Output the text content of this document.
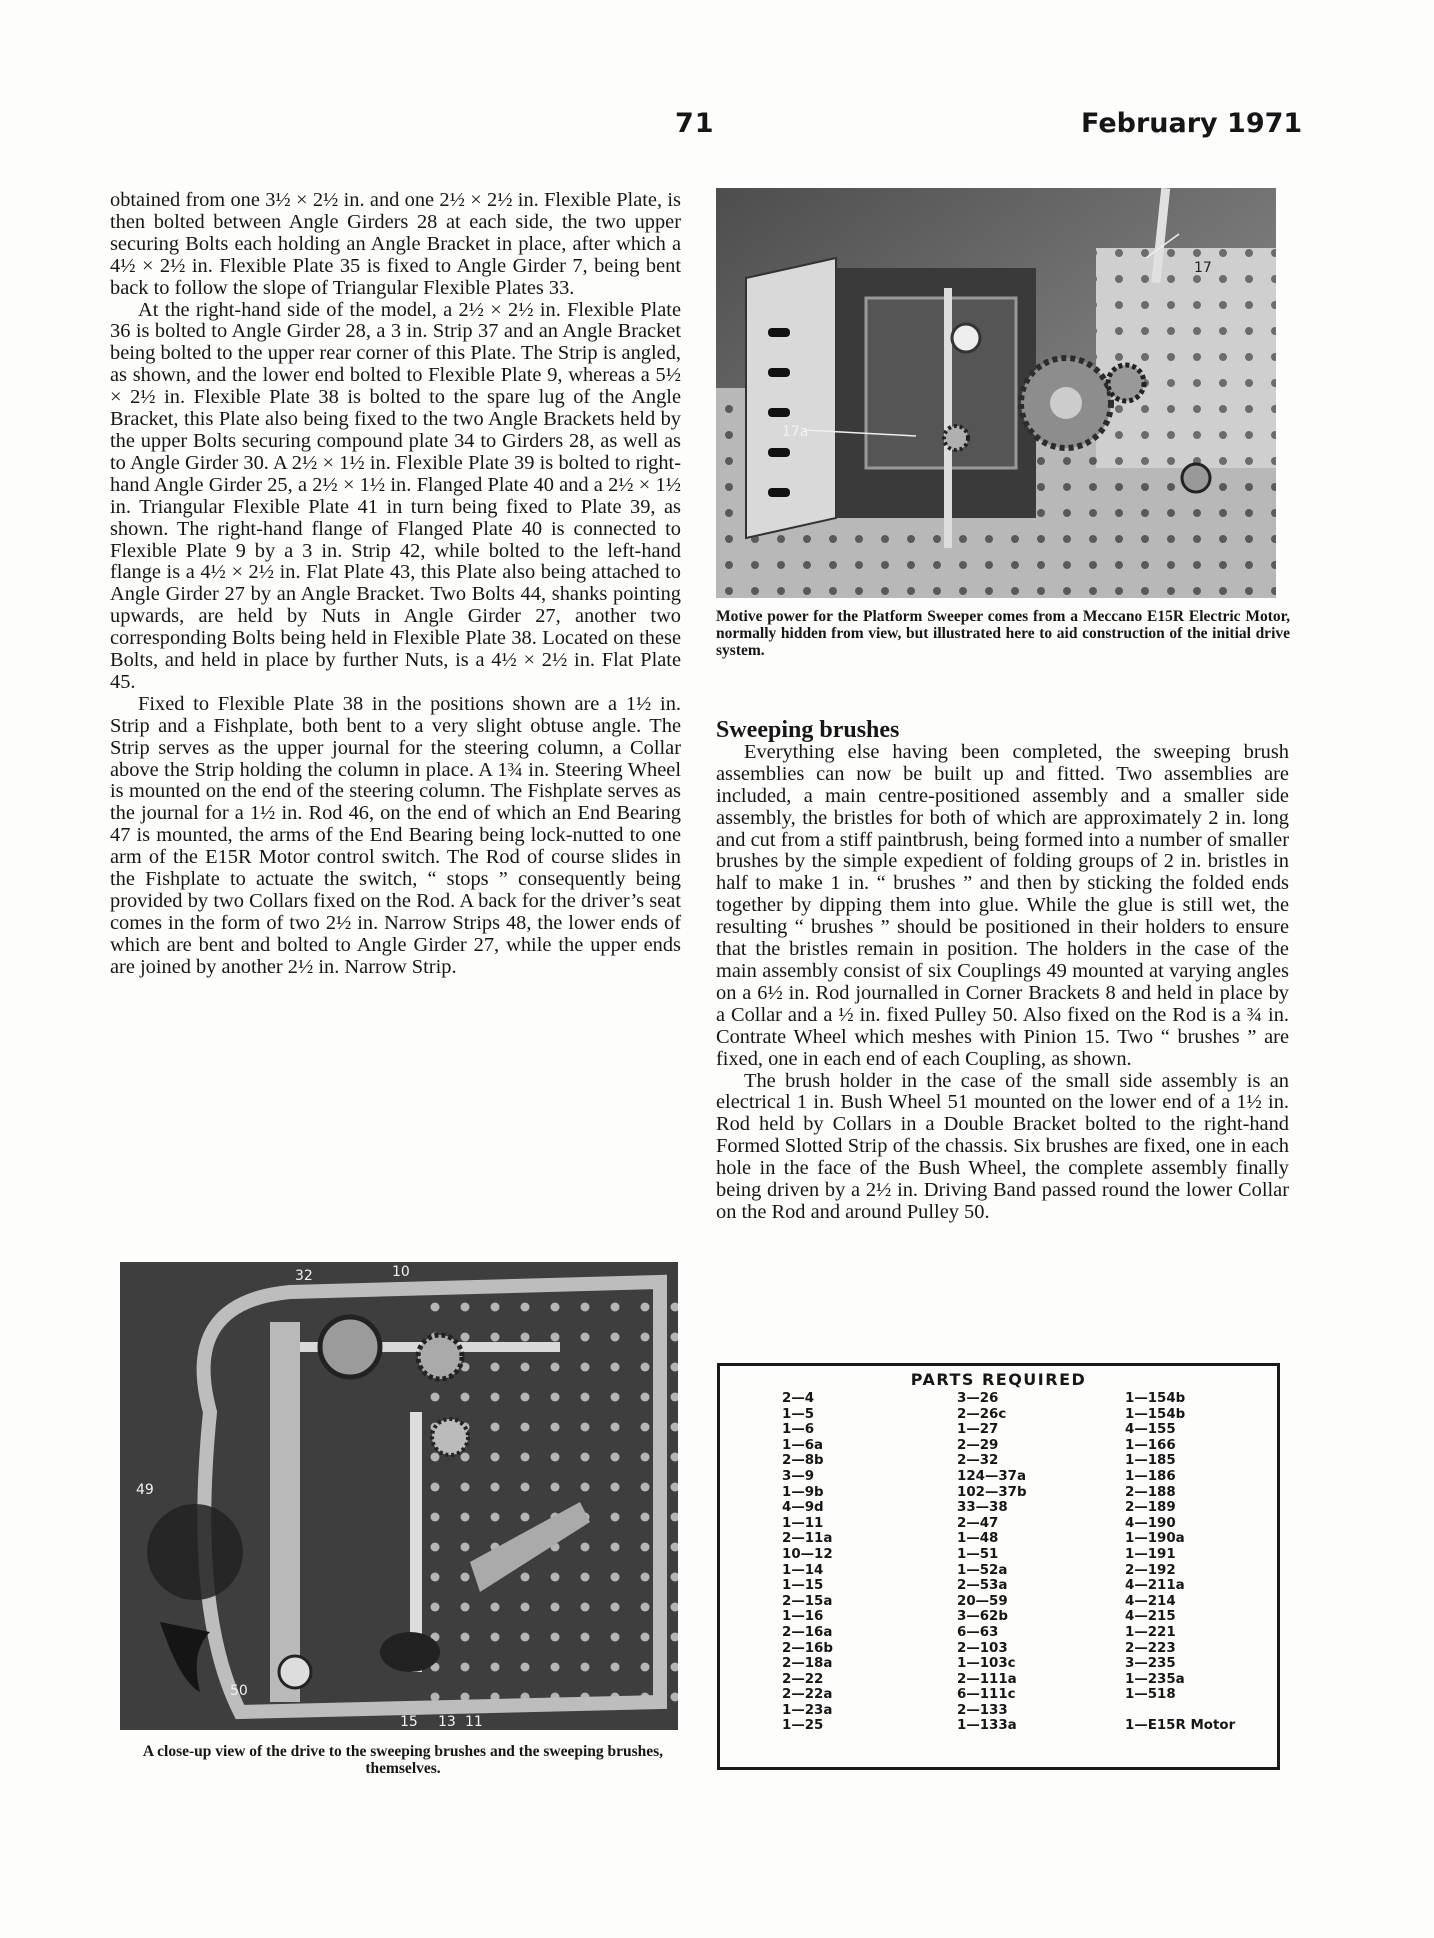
71	February 1971

obtained from one 3½ × 2½ in. and one 2½ × 2½ in. Flexible Plate, is then bolted between Angle Girders 28 at each side, the two upper securing Bolts each holding an Angle Bracket in place, after which a 4½ × 2½ in. Flexible Plate 35 is fixed to Angle Girder 7, being bent back to follow the slope of Triangular Flexible Plates 33.

At the right-hand side of the model, a 2½ × 2½ in. Flexible Plate 36 is bolted to Angle Girder 28, a 3 in. Strip 37 and an Angle Bracket being bolted to the upper rear corner of this Plate. The Strip is angled, as shown, and the lower end bolted to Flexible Plate 9, whereas a 5½ × 2½ in. Flexible Plate 38 is bolted to the spare lug of the Angle Bracket, this Plate also being fixed to the two Angle Brackets held by the upper Bolts securing compound plate 34 to Girders 28, as well as to Angle Girder 30. A 2½ × 1½ in. Flexible Plate 39 is bolted to right-hand Angle Girder 25, a 2½ × 1½ in. Flanged Plate 40 and a 2½ × 1½ in. Triangular Flexible Plate 41 in turn being fixed to Plate 39, as shown. The right-hand flange of Flanged Plate 40 is connected to Flexible Plate 9 by a 3 in. Strip 42, while bolted to the left-hand flange is a 4½ × 2½ in. Flat Plate 43, this Plate also being attached to Angle Girder 27 by an Angle Bracket. Two Bolts 44, shanks pointing upwards, are held by Nuts in Angle Girder 27, another two corresponding Bolts being held in Flexible Plate 38. Located on these Bolts, and held in place by further Nuts, is a 4½ × 2½ in. Flat Plate 45.

Fixed to Flexible Plate 38 in the positions shown are a 1½ in. Strip and a Fishplate, both bent to a very slight obtuse angle. The Strip serves as the upper journal for the steering column, a Collar above the Strip holding the column in place. A 1¾ in. Steering Wheel is mounted on the end of the steering column. The Fishplate serves as the journal for a 1½ in. Rod 46, on the end of which an End Bearing 47 is mounted, the arms of the End Bearing being lock-nutted to one arm of the E15R Motor control switch. The Rod of course slides in the Fishplate to actuate the switch, “ stops ” consequently being provided by two Collars fixed on the Rod. A back for the driver’s seat comes in the form of two 2½ in. Narrow Strips 48, the lower ends of which are bent and bolted to Angle Girder 27, while the upper ends are joined by another 2½ in. Narrow Strip.

17
17a
Motive power for the Platform Sweeper comes from a Meccano E15R Electric Motor, normally hidden from view, but illustrated here to aid construction of the initial drive system.

Sweeping brushes

Everything else having been completed, the sweeping brush assemblies can now be built up and fitted. Two assemblies are included, a main centre-positioned assembly and a smaller side assembly, the bristles for both of which are approximately 2 in. long and cut from a stiff paintbrush, being formed into a number of smaller brushes by the simple expedient of folding groups of 2 in. bristles in half to make 1 in. “ brushes ” and then by sticking the folded ends together by dipping them into glue. While the glue is still wet, the resulting “ brushes ” should be positioned in their holders to ensure that the bristles remain in position. The holders in the case of the main assembly consist of six Couplings 49 mounted at varying angles on a 6½ in. Rod journalled in Corner Brackets 8 and held in place by a Collar and a ½ in. fixed Pulley 50. Also fixed on the Rod is a ¾ in. Contrate Wheel which meshes with Pinion 15. Two “ brushes ” are fixed, one in each end of each Coupling, as shown.

The brush holder in the case of the small side assembly is an electrical 1 in. Bush Wheel 51 mounted on the lower end of a 1½ in. Rod held by Collars in a Double Bracket bolted to the right-hand Formed Slotted Strip of the chassis. Six brushes are fixed, one in each hole in the face of the Bush Wheel, the complete assembly finally being driven by a 2½ in. Driving Band passed round the lower Collar on the Rod and around Pulley 50.

32	10
49
50
15 13 11
A close-up view of the drive to the sweeping brushes and the sweeping brushes, themselves.
PARTS REQUIRED
2—4
1—5
1—6
1—6a
2—8b
3—9
1—9b
4—9d
1—11
2—11a
10—12
1—14
1—15
2—15a
1—16
2—16a
2—16b
2—18a
2—22
2—22a
1—23a
1—25
3—26
2—26c
1—27
2—29
2—32
124—37a
102—37b
33—38
2—47
1—48
1—51
1—52a
2—53a
20—59
3—62b
6—63
2—103
1—103c
2—111a
6—111c
2—133
1—133a
1—154b
1—154b
4—155
1—166
1—185
1—186
2—188
2—189
4—190
1—190a
1—191
2—192
4—211a
4—214
4—215
1—221
2—223
3—235
1—235a
1—518

1—E15R Motor
